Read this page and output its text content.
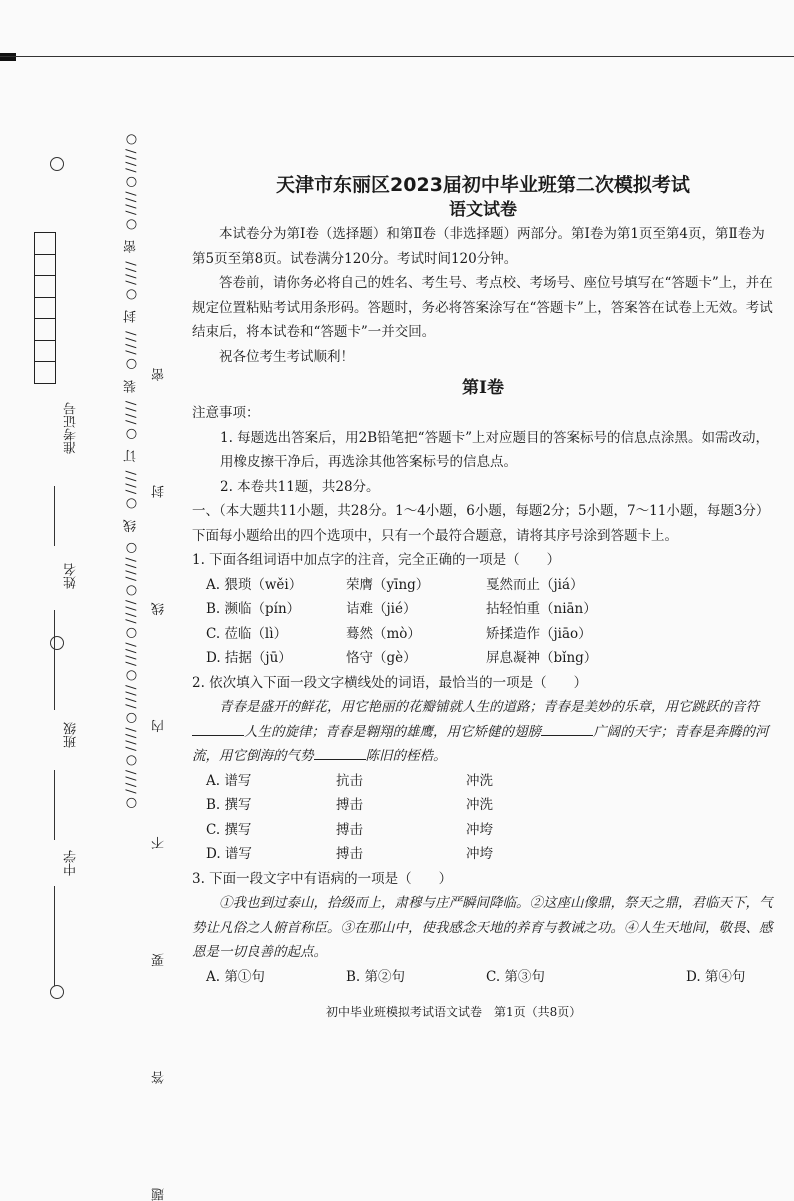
准考证号
姓名
班级
中学
○////○////○////○////○////○////○ 线 ○//// 订 ○//// 装 ○//// 封 ○//// 密 ○////○////○ 题 答 要 不 内 线 封 密
天津市东丽区2023届初中毕业班第二次模拟考试
语文试卷

本试卷分为第Ⅰ卷（选择题）和第Ⅱ卷（非选择题）两部分。第Ⅰ卷为第1页至第4页，第Ⅱ卷为第5页至第8页。试卷满分120分。考试时间120分钟。

答卷前，请你务必将自己的姓名、考生号、考点校、考场号、座位号填写在“答题卡”上，并在规定位置粘贴考试用条形码。答题时，务必将答案涂写在“答题卡”上，答案答在试卷上无效。考试结束后，将本试卷和“答题卡”一并交回。

祝各位考生考试顺利！

第Ⅰ卷
注意事项：
1. 每题选出答案后，用2B铅笔把“答题卡”上对应题目的答案标号的信息点涂黑。如需改动，用橡皮擦干净后，再选涂其他答案标号的信息点。
2. 本卷共11题，共28分。
一、（本大题共11小题，共28分。1～4小题，6小题，每题2分；5小题，7～11小题，每题3分）
下面每小题给出的四个选项中，只有一个最符合题意，请将其序号涂到答题卡上。
1. 下面各组词语中加点字的注音，完全正确的一项是（　　）
A. 猥琐（wěi）	荣膺（yīng）	戛然而止（jiá）
B. 濒临（pín）	诘难（jié）	拈轻怕重（niān）
C. 莅临（lì）	蓦然（mò）	矫揉造作（jiāo）
D. 拮据（jū）	恪守（gè）	屏息凝神（bǐng）
2. 依次填入下面一段文字横线处的词语，最恰当的一项是（　　）
青春是盛开的鲜花，用它艳丽的花瓣铺就人生的道路；青春是美妙的乐章，用它跳跃的音符人生的旋律；青春是翱翔的雄鹰，用它矫健的翅膀	广阔的天宇；青春是奔腾的河流，用它倒海的气势	陈旧的桎梏。
A. 谱写	抗击	冲洗
B. 撰写	搏击	冲洗
C. 撰写	搏击	冲垮
D. 谱写	搏击	冲垮
3. 下面一段文字中有语病的一项是（　　）
①我也到过泰山，拾级而上，肃穆与庄严瞬间降临。②这座山像鼎，祭天之鼎，君临天下，气势让凡俗之人俯首称臣。③在那山中，使我感念天地的养育与教诫之功。④人生天地间，敬畏、感恩是一切良善的起点。
A. 第①句	B. 第②句	C. 第③句	D. 第④句
初中毕业班模拟考试语文试卷　第1页（共8页）
